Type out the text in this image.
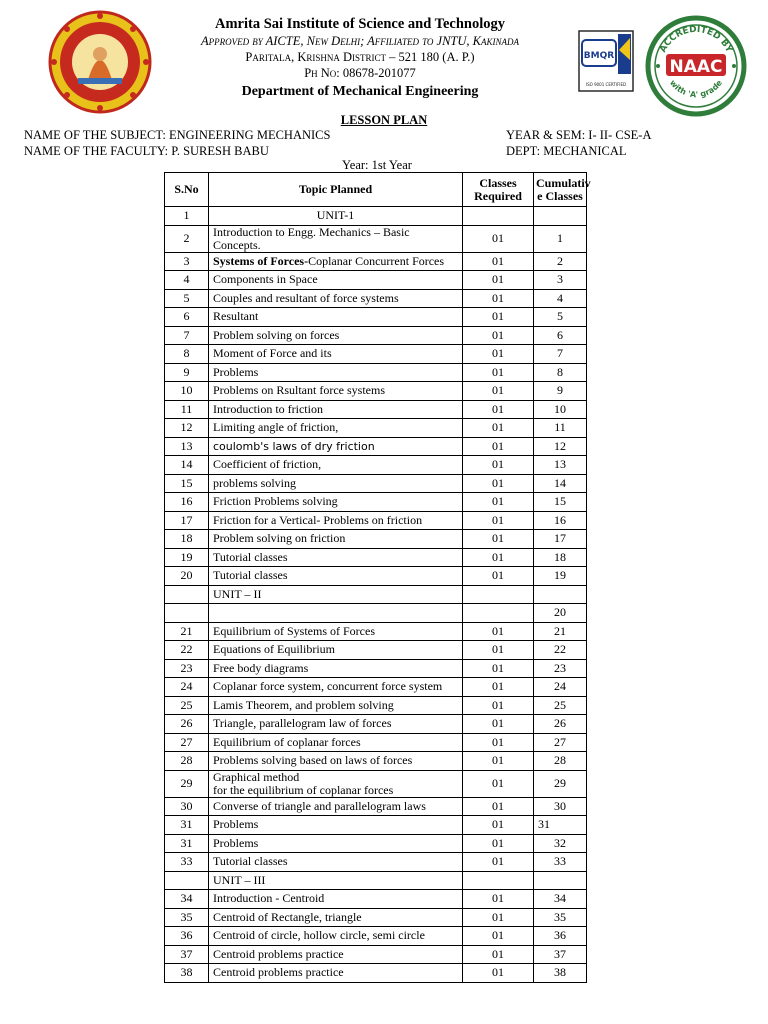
Amrita Sai Institute of Science and Technology
Approved by AICTE, New Delhi; Affiliated to JNTU, Kakinada
Paritala, Krishna District – 521 180 (A. P.)
Ph No: 08678-201077
Department of Mechanical Engineering
BMQR
ISO 9001 CERTIFIED
NAAC
ACCREDITED BY
with 'A' grade
LESSON PLAN
NAME OF THE SUBJECT: ENGINEERING MECHANICS
NAME OF THE FACULTY: P. SURESH BABU
YEAR & SEM: I- II- CSE-A
DEPT: MECHANICAL
Year: 1st Year
S.No	Topic Planned	Classes Required	Cumulativ e Classes
1	UNIT-1		
2	Introduction to Engg. Mechanics – Basic Concepts.	01	1
3	Systems of Forces-Coplanar Concurrent Forces	01	2
4	Components in Space	01	3
5	Couples and resultant of force systems	01	4
6	Resultant	01	5
7	Problem solving on forces	01	6
8	Moment of Force and its	01	7
9	Problems	01	8
10	Problems on Rsultant force systems	01	9
11	Introduction to friction	01	10
12	Limiting angle of friction,	01	11
13	coulomb's laws of dry friction	01	12
14	Coefficient of friction,	01	13
15	problems solving	01	14
16	Friction Problems solving	01	15
17	Friction for a Vertical- Problems on friction	01	16
18	Problem solving on friction	01	17
19	Tutorial classes	01	18
20	Tutorial classes	01	19
	UNIT – II		
			20
21	Equilibrium of Systems of Forces	01	21
22	Equations of Equilibrium	01	22
23	Free body diagrams	01	23
24	Coplanar force system, concurrent force system	01	24
25	Lamis Theorem, and problem solving	01	25
26	Triangle, parallelogram law of forces	01	26
27	Equilibrium of coplanar forces	01	27
28	Problems solving based on laws of forces	01	28
29	Graphical method
for the equilibrium of coplanar forces	01	29
30	Converse of triangle and parallelogram laws	01	30
31	Problems	01	31
31	Problems	01	32
33	Tutorial classes	01	33
	UNIT – III		
34	Introduction - Centroid	01	34
35	Centroid of Rectangle, triangle	01	35
36	Centroid of circle, hollow circle, semi circle	01	36
37	Centroid problems practice	01	37
38	Centroid problems practice	01	38
